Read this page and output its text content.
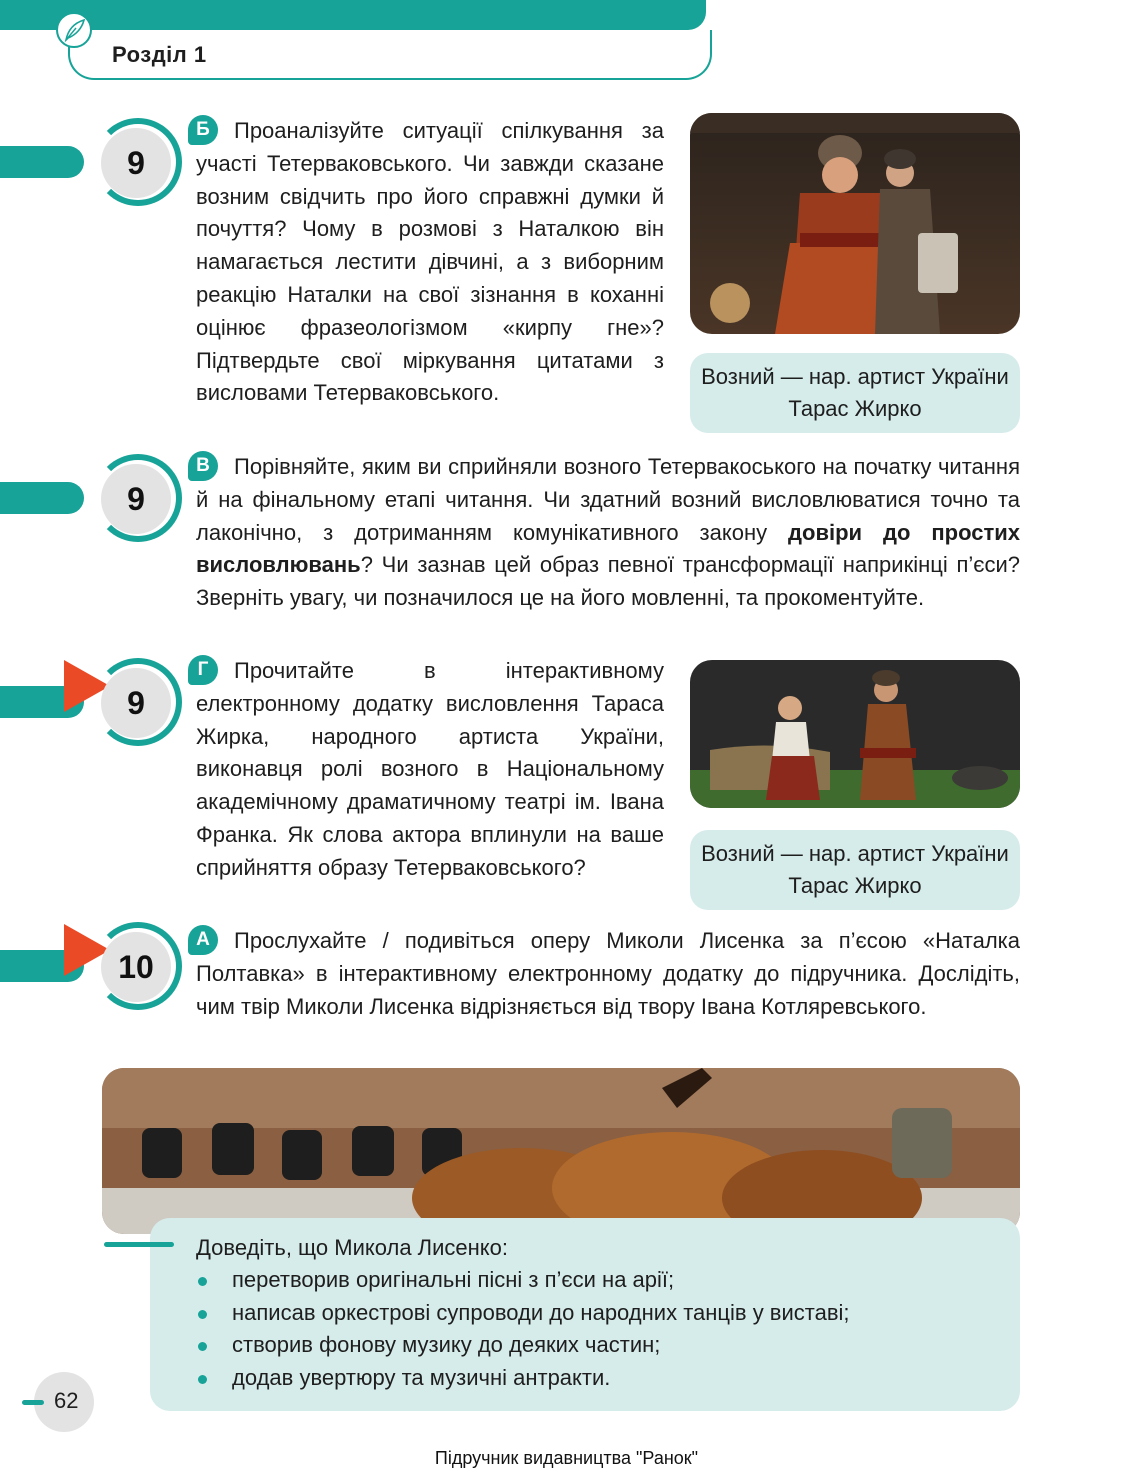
Розділ 1
9
Б	Проаналізуйте ситуації спілкування за участі Тетерваковського. Чи завжди сказане возним свідчить про його справжні думки й почуття? Чому в розмові з Наталкою він намагається лестити дівчині, а з виборним реакцію Наталки на свої зізнання в коханні оцінює фразеологізмом «кирпу гне»? Підтвердьте свої міркування цитатами з висловами Тетерваковського.
Возний — нар. артист України Тарас Жирко
9
В	Порівняйте, яким ви сприйняли возного Тетервакоського на початку читання й на фінальному етапі читання. Чи здатний возний висловлюватися точно та лаконічно, з дотриманням комунікативного закону довіри до простих висловлювань? Чи зазнав цей образ певної трансформації наприкінці п’єси? Зверніть увагу, чи позначилося це на його мовленні, та прокоментуйте.
9
Г	Прочитайте в інтерактивному електронному додатку висловлення Тараса Жирка, народного артиста України, виконавця ролі возного в Національному академічному драматичному театрі ім. Івана Франка. Як слова актора вплинули на ваше сприйняття образу Тетерваковського?
Возний — нар. артист України Тарас Жирко
10
А	Прослухайте / подивіться оперу Миколи Лисенка за п’єсою «Наталка Полтавка» в інтерактивному електронному додатку до підручника. Дослідіть, чим твір Миколи Лисенка відрізняється від твору Івана Котляревського.
Доведіть, що Микола Лисенко:
перетворив оригінальні пісні з п’єси на арії;
написав оркестрові супроводи до народних танців у виставі;
створив фонову музику до деяких частин;
додав увертюру та музичні антракти.
62
Підручник видавництва "Ранок"
